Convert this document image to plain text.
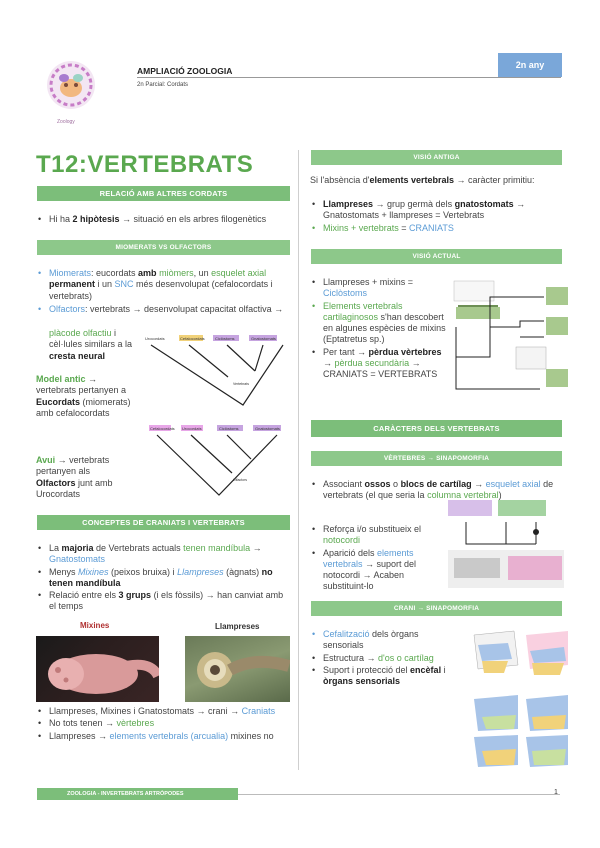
Zoology
AMPLIACIÓ ZOOLOGIA
2n Parcial: Cordats
2n any
T12:VERTEBRATS
RELACIÓ AMB ALTRES CORDATS
• Hi ha 2 hipòtesis → situació en els arbres filogenètics
MIOMERATS VS OLFACTORS
• Miomerats: eucordats amb miòmers, un esquelet axial permanent i un SNC més desenvolupat (cefalocordats i vertebrats)
• Olfactors: vertebrats → desenvolupat capacitat olfactiva →
plàcode olfactiu i cèl·lules similars a la cresta neural
Model antic → vertebrats pertanyen a Eucordats (miomerats) amb cefalocordats
Avui → vertebrats pertanyen als Olfactors junt amb Urocordats
Urocordats	Cefalocordats	Ciclòstoms	Gnatostomats
Vertebrats
Cefalocordats Urocordats	Ciclòstoms	Gnatostomats
Olfactors
CONCEPTES DE CRANIATS I VERTEBRATS
• La majoria de Vertebrats actuals tenen mandíbula → Gnatostomats
• Menys Mixines (peixos bruixa) i Llampreses (àgnats) no tenen mandíbula
• Relació entre els 3 grups (i els fòssils) → han canviat amb el temps
Mixines	Llampreses
• Llampreses, Mixines i Gnatostomats → crani → Craniats
• No tots tenen → vèrtebres
• Llampreses → elements vertebrals (arcualia) mixines no
VISIÓ ANTIGA
Si l'absència d'elements vertebrals → caràcter primitiu:
• Llampreses → grup germà dels gnatostomats → Gnatostomats + llampreses = Vertebrats
• Mixins + vertebrats = CRANIATS
VISIÓ ACTUAL
• Llampreses + mixins = Ciclòstoms
• Elements vertebrals cartilaginosos s'han descobert en algunes espècies de mixins (Eptatretus sp.)
• Per tant → pèrdua vèrtebres → pèrdua secundària → CRANIATS = VERTEBRATS
CARÀCTERS DELS VERTEBRATS
VÈRTEBRES → SINAPOMORFIA
• Associant ossos o blocs de cartílag → esquelet axial de vertebrats (el que seria la columna vertebral)
• Reforça i/o substitueix el notocordi
• Aparició dels elements vertebrals → suport del notocordi → Acaben substituint-lo
CRANI → SINAPOMORFIA
• Cefalització dels òrgans sensorials
• Estructura → d'os o cartílag
• Suport i protecció del encèfal i òrgans sensorials
ZOOLOGIA - INVERTEBRATS ARTRÒPODES	1
